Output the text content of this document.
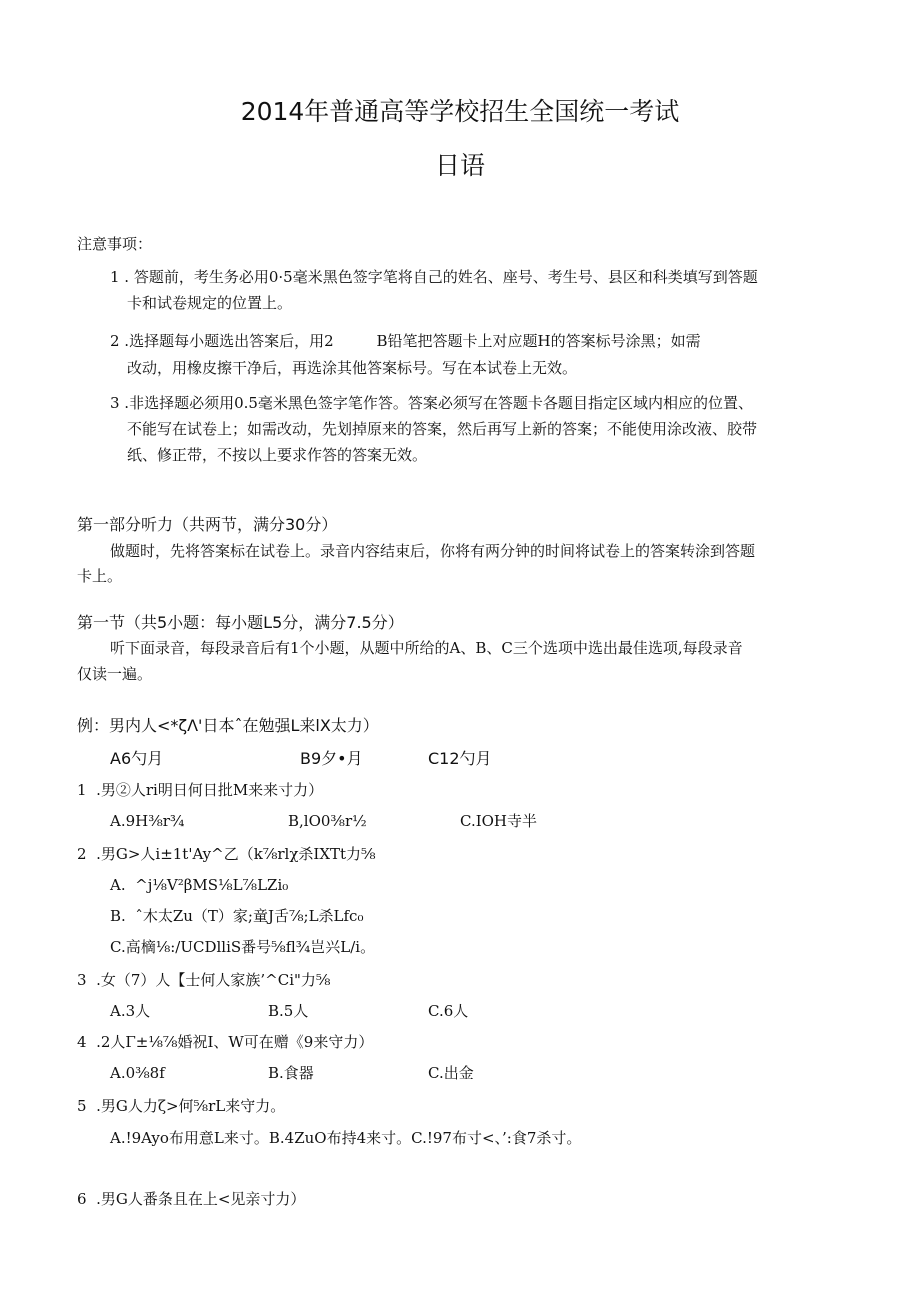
2014年普通高等学校招生全国统一考试
日语
注意事项：
1 . 答题前，考生务必用0·5毫米黑色签字笔将自己的姓名、座号、考生号、县区和科类填写到答题
卡和试卷规定的位置上。
2 .选择题每小题选出答案后，用2         B铅笔把答题卡上对应题H的答案标号涂黑；如需
改动，用橡皮擦干净后，再选涂其他答案标号。写在本试卷上无效。
3 .非选择题必须用0.5毫米黑色签字笔作答。答案必须写在答题卡各题目指定区域内相应的位置、
不能写在试卷上；如需改动，先划掉原来的答案，然后再写上新的答案；不能使用涂改液、胶带
纸、修正带，不按以上要求作答的答案无效。
第一部分听力（共两节，满分30分）
做题时，先将答案标在试卷上。录音内容结束后，你将有两分钟的时间将试卷上的答案转涂到答题
卡上。
第一节（共5小题：每小题L5分，满分7.5分）
听下面录音，每段录音后有1个小题，从题中所给的A、B、C三个选项中选出最佳选项,每段录音
仅读一遍。
例：男内人<*ζΛ'日本ˆ在勉强L来lX太力）
A6勺月	B9夕•月	C12勺月
1  .男②人ri明日何日批M来来寸力）
A.9H⅜r¾	B,lO0⅜r½	C.IOH寺半
2  .男G>人i±1t'Ay^乙（k⅞rlχ杀IXTt力⅝
A.  ^j⅛V²βMS⅛L⅞LZi₀
B.  ˆ木太Zu（T）家;童J舌⅞;L杀Lfc₀
C.高樀⅛:/UCDlliS番号⅝fl¾岂兴L/i。
3  .女（7）人【士何人家族’^Ci"力⅝
A.3人	B.5人	C.6人
4  .2人Γ±⅛⅞婚祝I、W可在赠《9来守力）
A.0⅜8f	B.食器	C.出金
5  .男G人力ζ>何⅝rL来守力。
A.!9Ayo布用意L来寸。B.4ZuO布持4来寸。C.!97布寸<、’:食7杀寸。
6  .男G人番条且在上<见亲寸力）
